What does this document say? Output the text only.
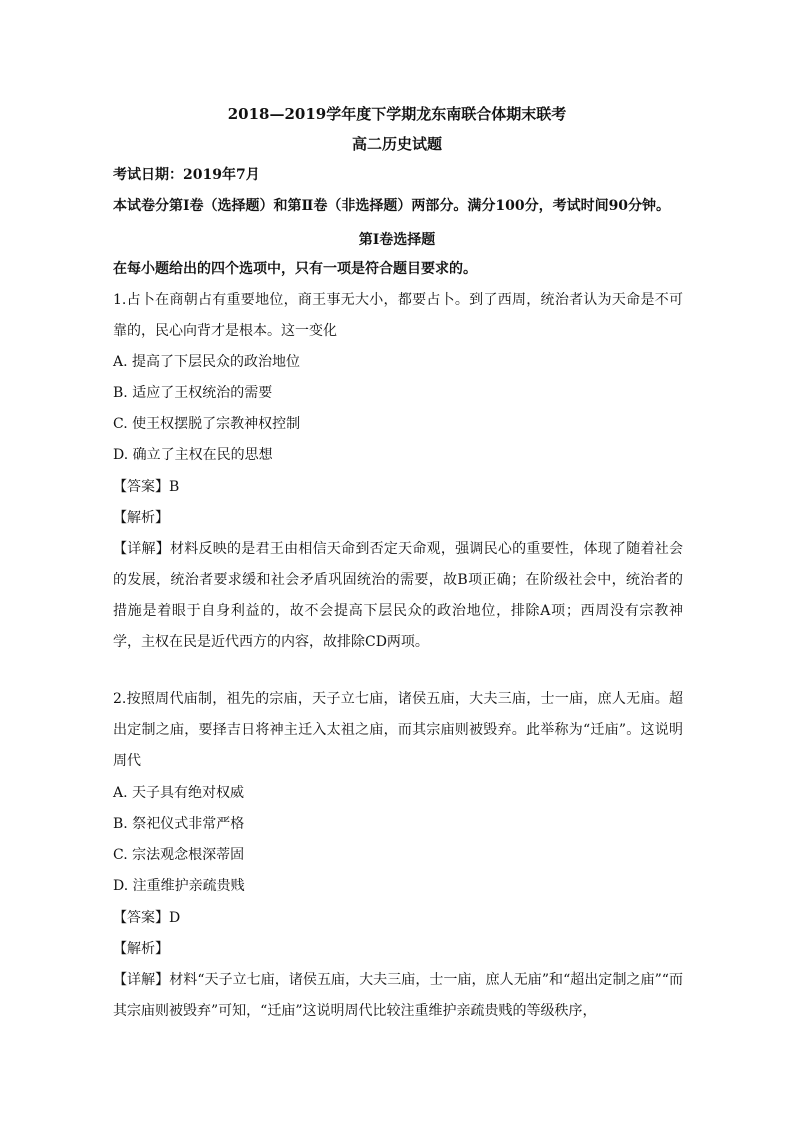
2018—2019学年度下学期龙东南联合体期末联考
高二历史试题
考试日期：2019年7月
本试卷分第Ⅰ卷（选择题）和第Ⅱ卷（非选择题）两部分。满分100分，考试时间90分钟。
第Ⅰ卷选择题
在每小题给出的四个选项中，只有一项是符合题目要求的。
1.占卜在商朝占有重要地位，商王事无大小，都要占卜。到了西周，统治者认为天命是不可靠的，民心向背才是根本。这一变化
A. 提高了下层民众的政治地位
B. 适应了王权统治的需要
C. 使王权摆脱了宗教神权控制
D. 确立了主权在民的思想
【答案】B
【解析】
【详解】材料反映的是君王由相信天命到否定天命观，强调民心的重要性，体现了随着社会的发展，统治者要求缓和社会矛盾巩固统治的需要，故B项正确；在阶级社会中，统治者的措施是着眼于自身利益的，故不会提高下层民众的政治地位，排除A项；西周没有宗教神学，主权在民是近代西方的内容，故排除CD两项。
2.按照周代庙制，祖先的宗庙，天子立七庙，诸侯五庙，大夫三庙，士一庙，庶人无庙。超出定制之庙，要择吉日将神主迁入太祖之庙，而其宗庙则被毁弃。此举称为“迁庙”。这说明周代
A. 天子具有绝对权威
B. 祭祀仪式非常严格
C. 宗法观念根深蒂固
D. 注重维护亲疏贵贱
【答案】D
【解析】
【详解】材料“天子立七庙，诸侯五庙，大夫三庙，士一庙，庶人无庙”和“超出定制之庙”“而其宗庙则被毁弃”可知，“迁庙”这说明周代比较注重维护亲疏贵贱的等级秩序，
